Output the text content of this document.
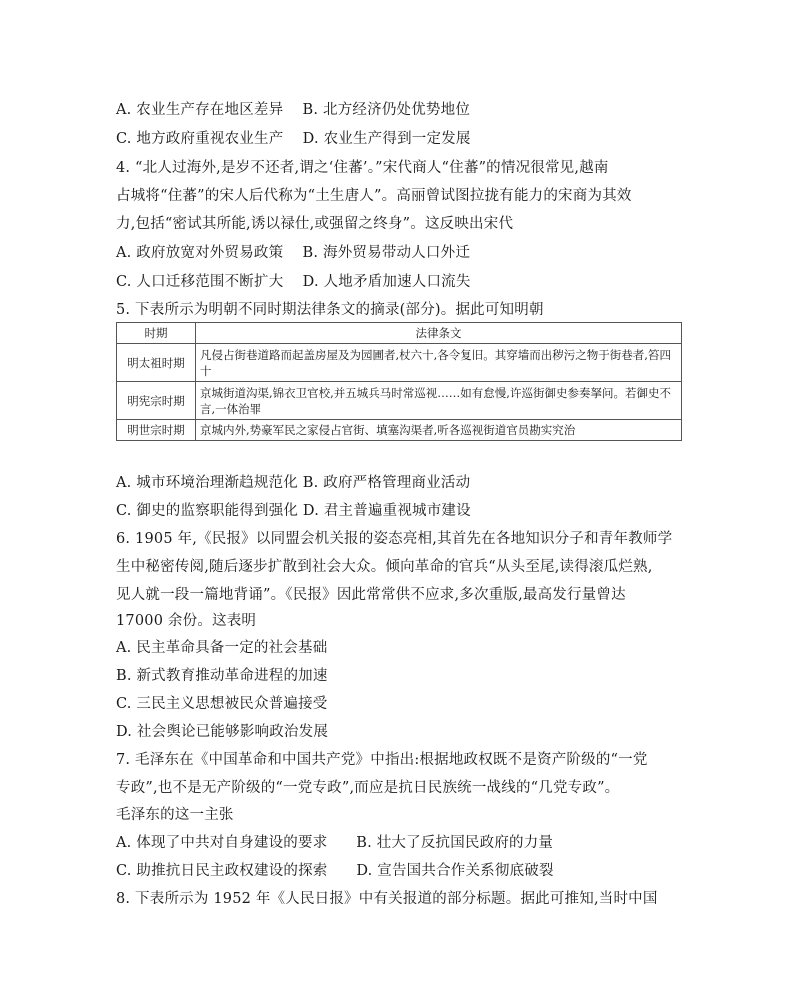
A. 农业生产存在地区差异 B. 北方经济仍处优势地位
C. 地方政府重视农业生产 D. 农业生产得到一定发展
4. “北人过海外,是岁不还者,谓之‘住蕃’。”宋代商人“住蕃”的情况很常见,越南
占城将“住蕃”的宋人后代称为“土生唐人”。高丽曾试图拉拢有能力的宋商为其效
力,包括“密试其所能,诱以禄仕,或强留之终身”。这反映出宋代
A. 政府放宽对外贸易政策 B. 海外贸易带动人口外迁
C. 人口迁移范围不断扩大 D. 人地矛盾加速人口流失
5. 下表所示为明朝不同时期法律条文的摘录(部分)。据此可知明朝
时期	法律条文
明太祖时期	凡侵占街巷道路而起盖房屋及为园圃者,杖六十,各令复旧。其穿墙而出秽污之物于街巷者,笞四十
明宪宗时期	京城街道沟渠,锦衣卫官校,并五城兵马时常巡视……如有怠慢,许巡街御史参奏拏问。若御史不言,一体治罪
明世宗时期	京城内外,势豪军民之家侵占官街、填塞沟渠者,听各巡视街道官员勘实究治
A. 城市环境治理渐趋规范化 B. 政府严格管理商业活动
C. 御史的监察职能得到强化 D. 君主普遍重视城市建设
6. 1905 年,《民报》以同盟会机关报的姿态亮相,其首先在各地知识分子和青年教师学
生中秘密传阅,随后逐步扩散到社会大众。倾向革命的官兵“从头至尾,读得滚瓜烂熟,
见人就一段一篇地背诵”。《民报》因此常常供不应求,多次重版,最高发行量曾达
17000 余份。这表明
A. 民主革命具备一定的社会基础
B. 新式教育推动革命进程的加速
C. 三民主义思想被民众普遍接受
D. 社会舆论已能够影响政治发展
7. 毛泽东在《中国革命和中国共产党》中指出:根据地政权既不是资产阶级的“一党
专政”,也不是无产阶级的“一党专政”,而应是抗日民族统一战线的“几党专政”。
毛泽东的这一主张
A. 体现了中共对自身建设的要求 B. 壮大了反抗国民政府的力量
C. 助推抗日民主政权建设的探索 D. 宣告国共合作关系彻底破裂
8. 下表所示为 1952 年《人民日报》中有关报道的部分标题。据此可推知,当时中国
